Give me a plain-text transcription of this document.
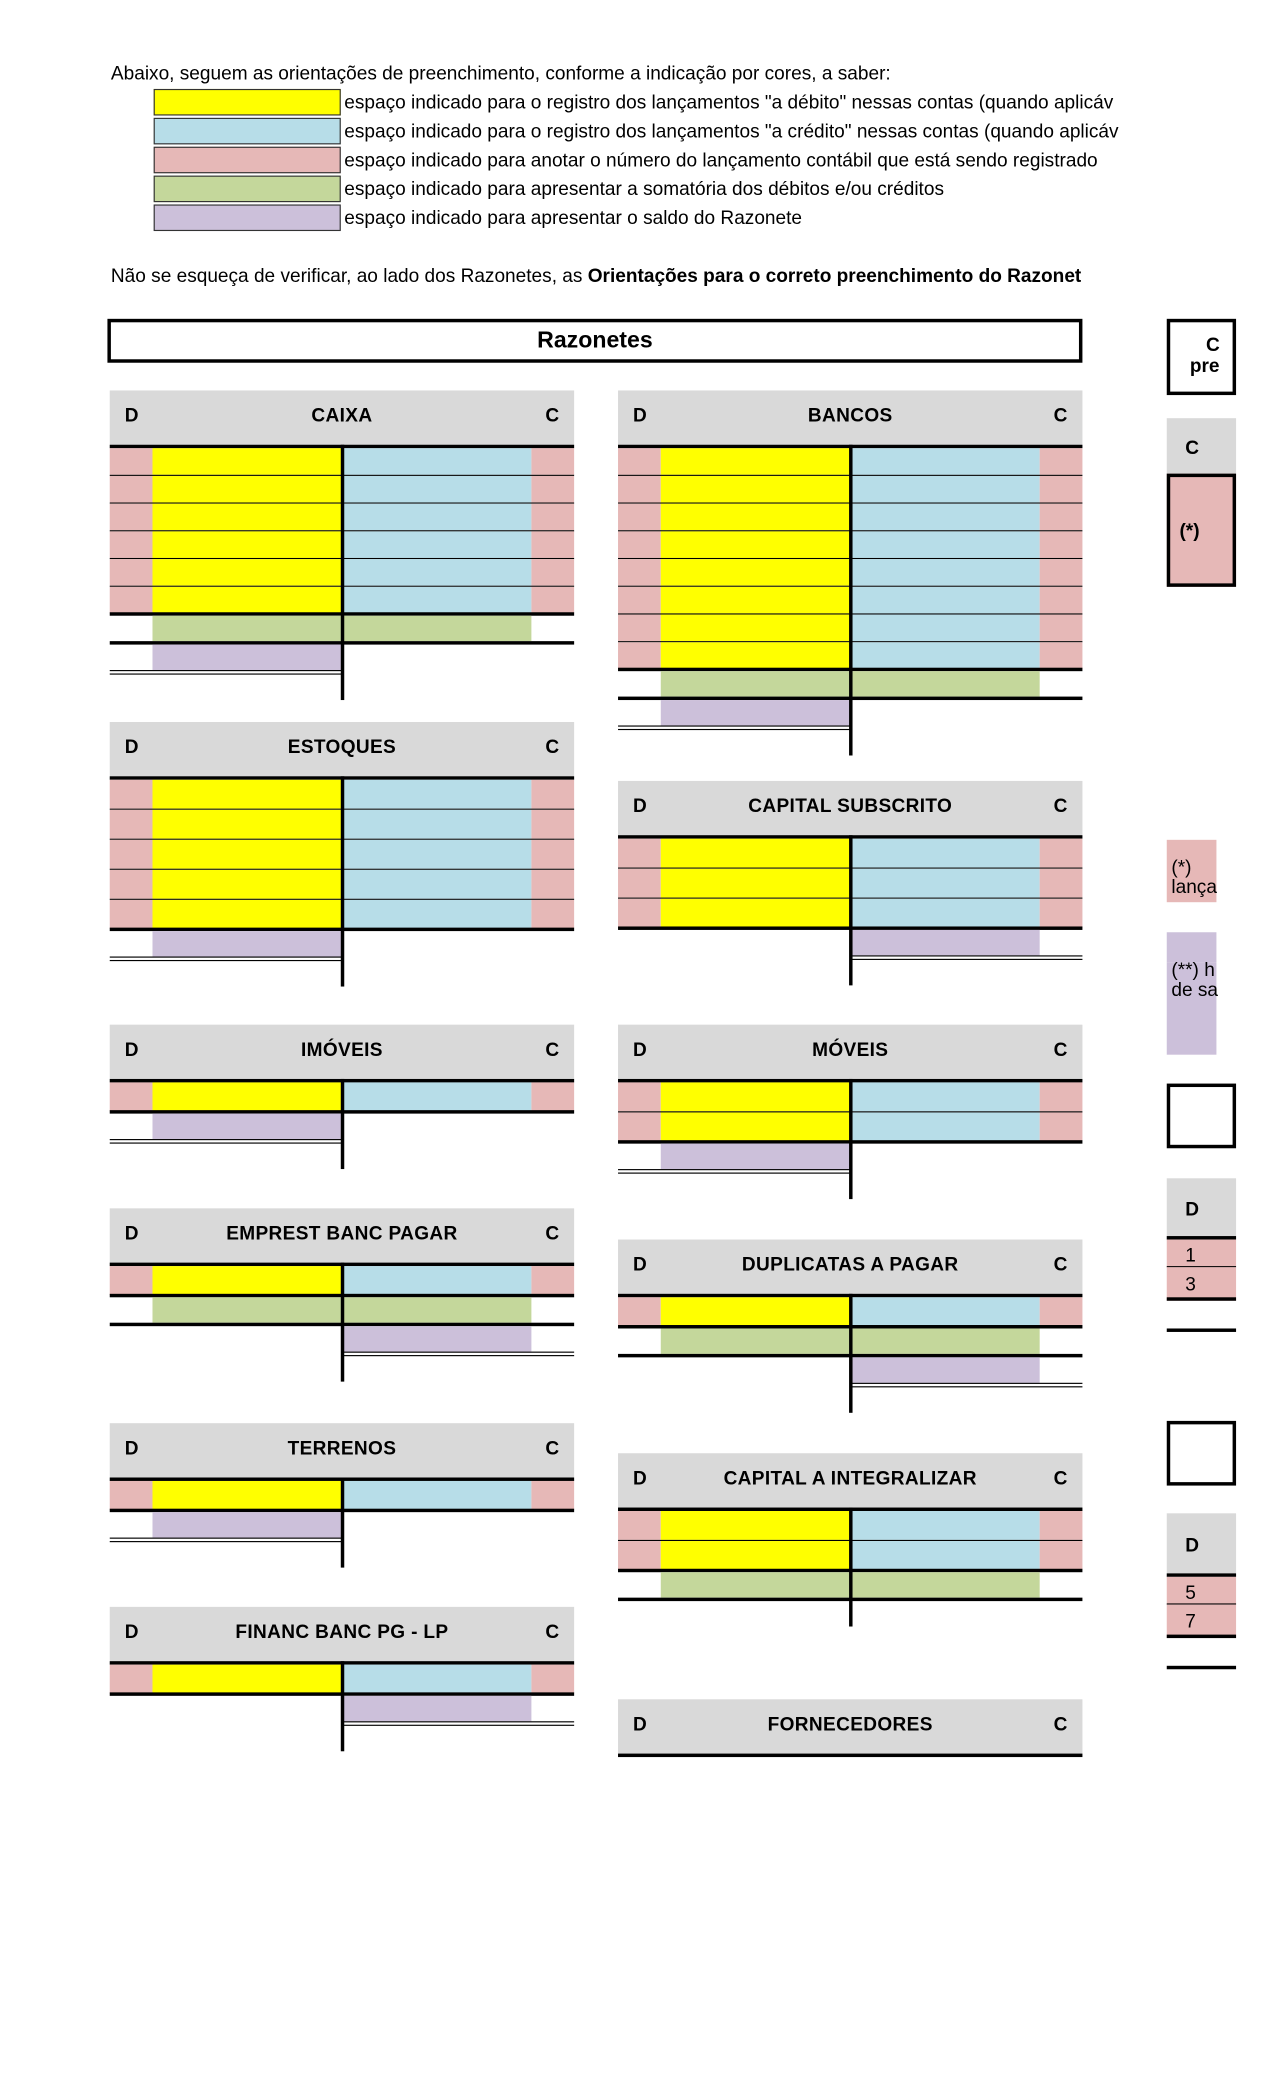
Abaixo, seguem as orientações de preenchimento, conforme a indicação por cores, a saber:
espaço indicado para o registro dos lançamentos "a débito" nessas contas (quando aplicáv
espaço indicado para o registro dos lançamentos "a crédito" nessas contas (quando aplicáv
espaço indicado para anotar o número do lançamento contábil que está sendo registrado
espaço indicado para apresentar a somatória dos débitos e/ou créditos
espaço indicado para apresentar o saldo do Razonete
Não se esqueça de verificar, ao lado dos Razonetes, as Orientações para o correto preenchimento do Razonet
Razonetes
D	CAIXA	C	D	BANCOS	C
D	ESTOQUES	C
D	CAPITAL SUBSCRITO	C
D	IMÓVEIS	C	D	MÓVEIS	C
D	EMPREST BANC PAGAR	C
D	DUPLICATAS A PAGAR	C
D	TERRENOS	C
D	CAPITAL A INTEGRALIZAR	C
D	FINANC BANC PG - LP	C
D	FORNECEDORES	C
C
pre
C
(*)
(*)
lança
(**) h
de sa
D
1
3
D
5
7
